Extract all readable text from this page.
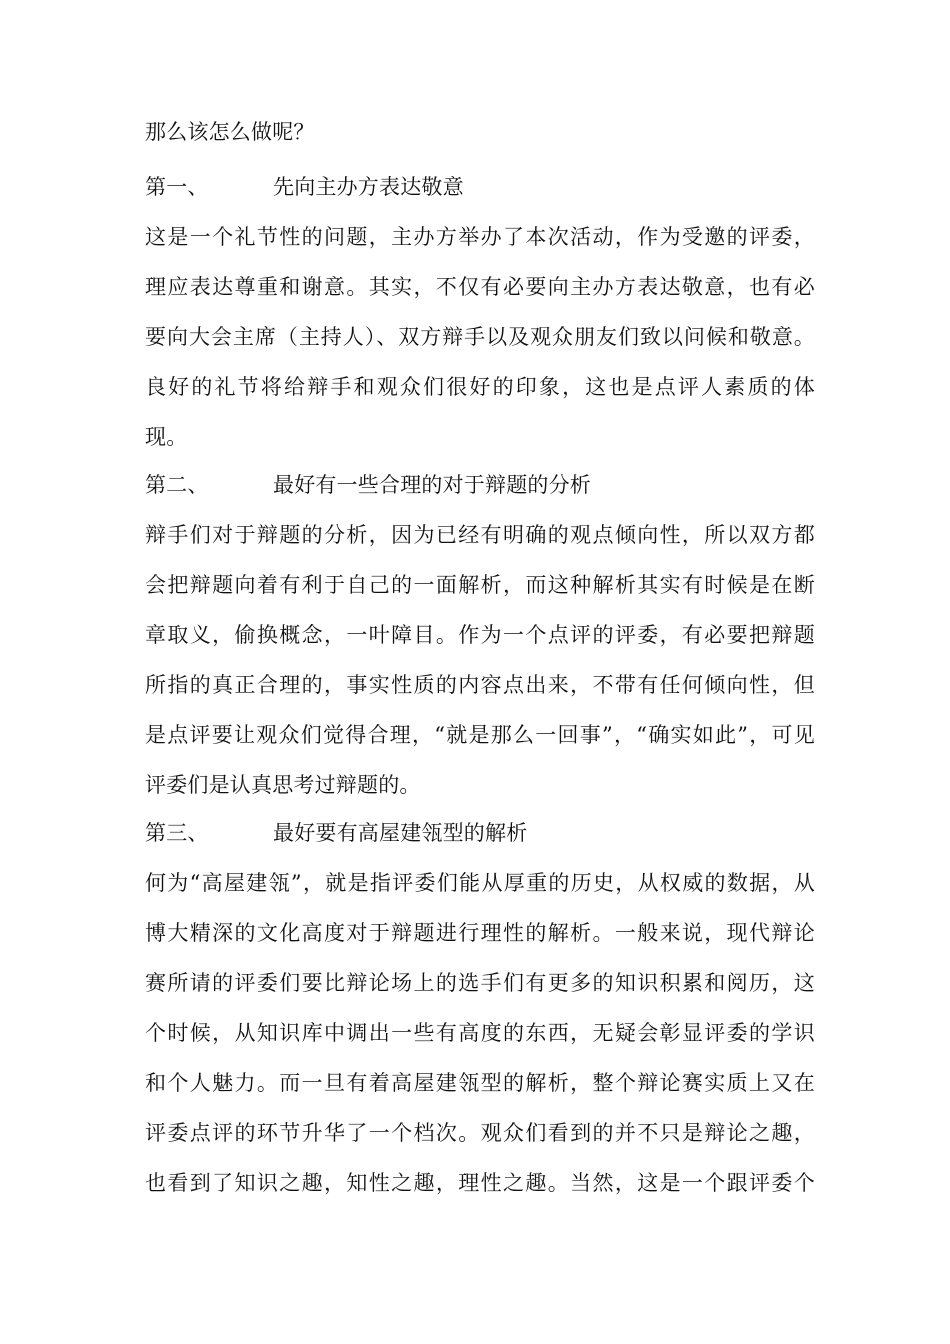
那么该怎么做呢？
第一、	先向主办方表达敬意
这是一个礼节性的问题，主办方举办了本次活动，作为受邀的评委，
理应表达尊重和谢意。其实，不仅有必要向主办方表达敬意，也有必
要向大会主席（主持人）、双方辩手以及观众朋友们致以问候和敬意。
良好的礼节将给辩手和观众们很好的印象，这也是点评人素质的体
现。
第二、	最好有一些合理的对于辩题的分析
辩手们对于辩题的分析，因为已经有明确的观点倾向性，所以双方都
会把辩题向着有利于自己的一面解析，而这种解析其实有时候是在断
章取义，偷换概念，一叶障目。作为一个点评的评委，有必要把辩题
所指的真正合理的，事实性质的内容点出来，不带有任何倾向性，但
是点评要让观众们觉得合理，“就是那么一回事”，“确实如此”，可见
评委们是认真思考过辩题的。
第三、	最好要有高屋建瓴型的解析
何为“高屋建瓴”，就是指评委们能从厚重的历史，从权威的数据，从
博大精深的文化高度对于辩题进行理性的解析。一般来说，现代辩论
赛所请的评委们要比辩论场上的选手们有更多的知识积累和阅历，这
个时候，从知识库中调出一些有高度的东西，无疑会彰显评委的学识
和个人魅力。而一旦有着高屋建瓴型的解析，整个辩论赛实质上又在
评委点评的环节升华了一个档次。观众们看到的并不只是辩论之趣，
也看到了知识之趣，知性之趣，理性之趣。当然，这是一个跟评委个
